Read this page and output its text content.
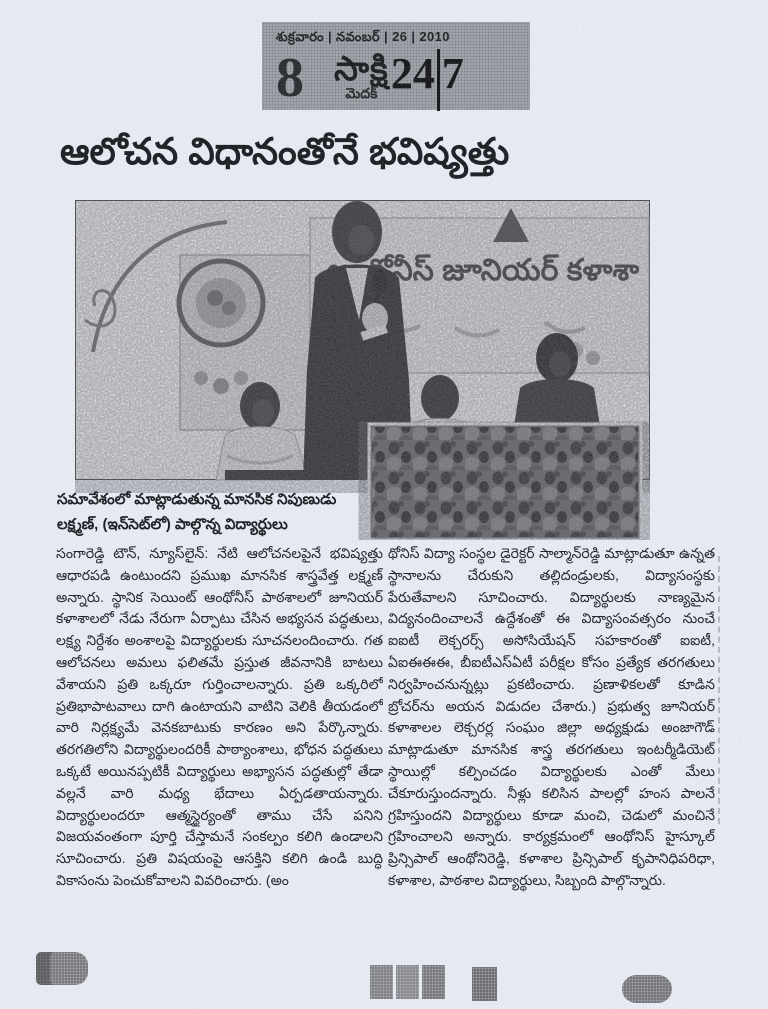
శుక్రవారం | నవంబర్ | 26 | 2010
8 సాక్షి
మెదక్ 24 7
ఆలోచన విధానంతోనే భవిష్యత్తు
సమావేశంలో మాట్లాడుతున్న మానసిక నిపుణుడు
లక్ష్మణ్, (ఇన్‌సెట్‌లో) పాల్గొన్న విద్యార్థులు
సంగారెడ్డి టౌన్, న్యూస్‌లైన్: నేటి ఆలోచనలపైనే భవిష్యత్తు ఆధారపడి ఉంటుందని ప్రముఖ మానసిక శాస్త్రవేత్త లక్ష్మణ్ అన్నారు. స్థానిక సెయింట్ ఆంథోనీస్ పాఠశాలలో జూనియర్ కళాశాలలో నేడు నేరుగా ఏర్పాటు చేసిన అభ్యసన పద్ధతులు, లక్ష్య నిర్దేశం అంశాలపై విద్యార్థులకు సూచనలందించారు. గత ఆలోచనలు అమలు ఫలితమే ప్రస్తుత జీవనానికి బాటలు వేశాయని ప్రతి ఒక్కరూ గుర్తించాలన్నారు. ప్రతి ఒక్కరిలో ప్రతిభాపాటవాలు దాగి ఉంటాయని వాటిని వెలికి తీయడంలో వారి నిర్లక్ష్యమే వెనకబాటుకు కారణం అని పేర్కొన్నారు. తరగతిలోని విద్యార్థులందరికీ పాఠ్యాంశాలు, భోధన పద్ధతులు ఒక్కటే అయినప్పటికీ విద్యార్థులు అభ్యాసన పద్ధతుల్లో తేడా వల్లనే వారి మధ్య భేదాలు ఏర్పడతాయన్నారు. విద్యార్థులందరూ ఆత్మస్థైర్యంతో తాము చేసే పనిని విజయవంతంగా పూర్తి చేస్తామనే సంకల్పం కలిగి ఉండాలని సూచించారు. ప్రతి విషయంపై ఆసక్తిని కలిగి ఉండి బుద్ధి వికాసంను పెంచుకోవాలని వివరించారు. (అం
థోనిస్ విద్యా సంస్థల డైరెక్టర్ సాల్మాన్‌రెడ్డి మాట్లాడుతూ ఉన్నత స్థానాలను చేరుకుని తల్లిదండ్రులకు, విద్యాసంస్థకు పేరుతేవాలని సూచించారు. విద్యార్థులకు నాణ్యమైన విద్యనందించాలనే ఉద్దేశంతో ఈ విద్యాసంవత్సరం నుంచే ఐఐటీ లెక్చరర్స్ అసోసియేషన్ సహకారంతో ఐఐటీ, ఏఐఈఈఈ, బీఐటీఎస్ఏటీ పరీక్షల కోసం ప్రత్యేక తరగతులు నిర్వహించనున్నట్లు ప్రకటించారు. ప్రణాళికలతో కూడిన బ్రోచర్‌ను అయన విడుదల చేశారు.) ప్రభుత్వ జూనియర్ కళాశాలల లెక్చరర్ల సంఘం జిల్లా అధ్యక్షుడు అంజాగౌడ్ మాట్లాడుతూ మానసిక శాస్త్ర తరగతులు ఇంటర్మీడియెట్ స్థాయిల్లో కల్పించడం విద్యార్థులకు ఎంతో మేలు చేకూరుస్తుందన్నారు. నీళ్లు కలిసిన పాలల్లో హంస పాలనే గ్రహిస్తుందని విద్యార్థులు కూడా మంచి, చెడులో మంచినే గ్రహించాలని అన్నారు. కార్యక్రమంలో ఆంథోనిస్ హైస్కూల్ ప్రిన్సిపాల్ ఆంథోనిరెడ్డి, కళాశాల ప్రిన్సిపాల్ కృపానిధిపరిధా, కళాశాల, పాఠశాల విద్యార్థులు, సిబ్బంది పాల్గొన్నారు.
